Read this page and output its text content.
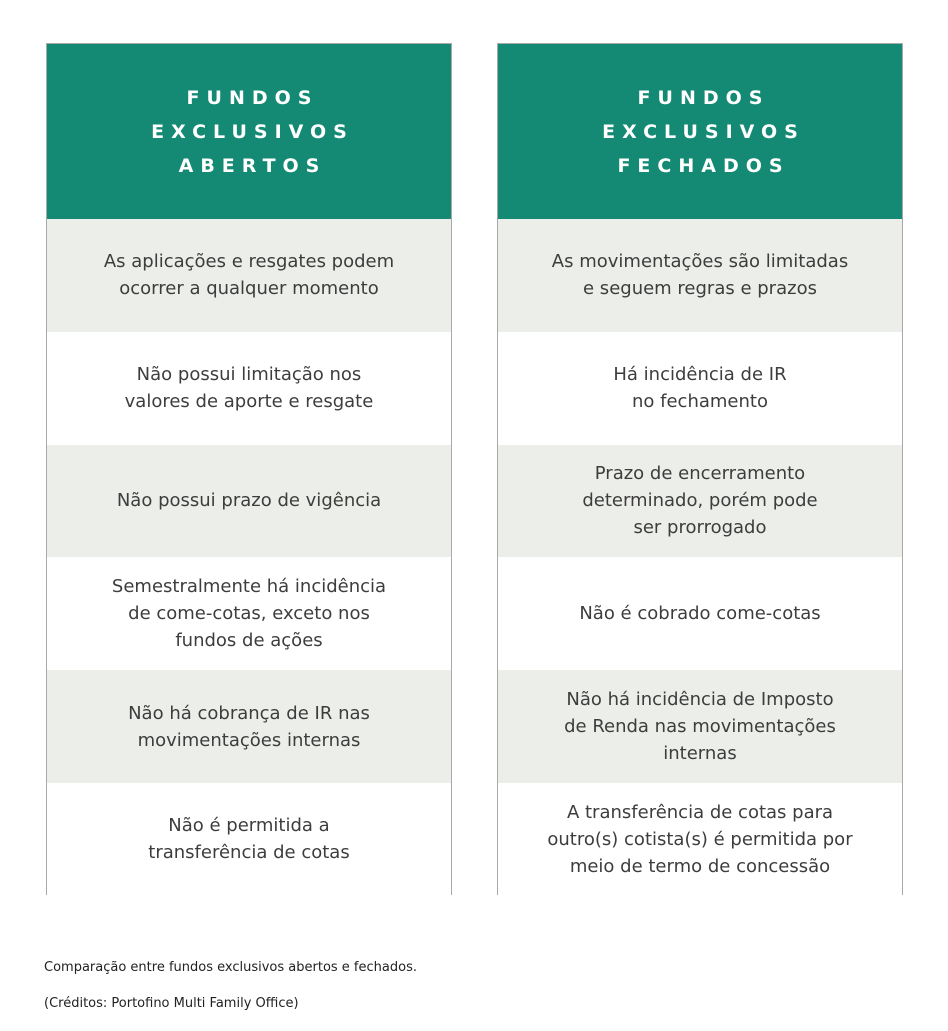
FUNDOS
EXCLUSIVOS
ABERTOS
As aplicações e resgates podem
ocorrer a qualquer momento
Não possui limitação nos
valores de aporte e resgate
Não possui prazo de vigência
Semestralmente há incidência
de come-cotas, exceto nos
fundos de ações
Não há cobrança de IR nas
movimentações internas
Não é permitida a
transferência de cotas
FUNDOS
EXCLUSIVOS
FECHADOS
As movimentações são limitadas
e seguem regras e prazos
Há incidência de IR
no fechamento
Prazo de encerramento
determinado, porém pode
ser prorrogado
Não é cobrado come-cotas
Não há incidência de Imposto
de Renda nas movimentações
internas
A transferência de cotas para
outro(s) cotista(s) é permitida por
meio de termo de concessão

Comparação entre fundos exclusivos abertos e fechados.

(Créditos: Portofino Multi Family Office)
